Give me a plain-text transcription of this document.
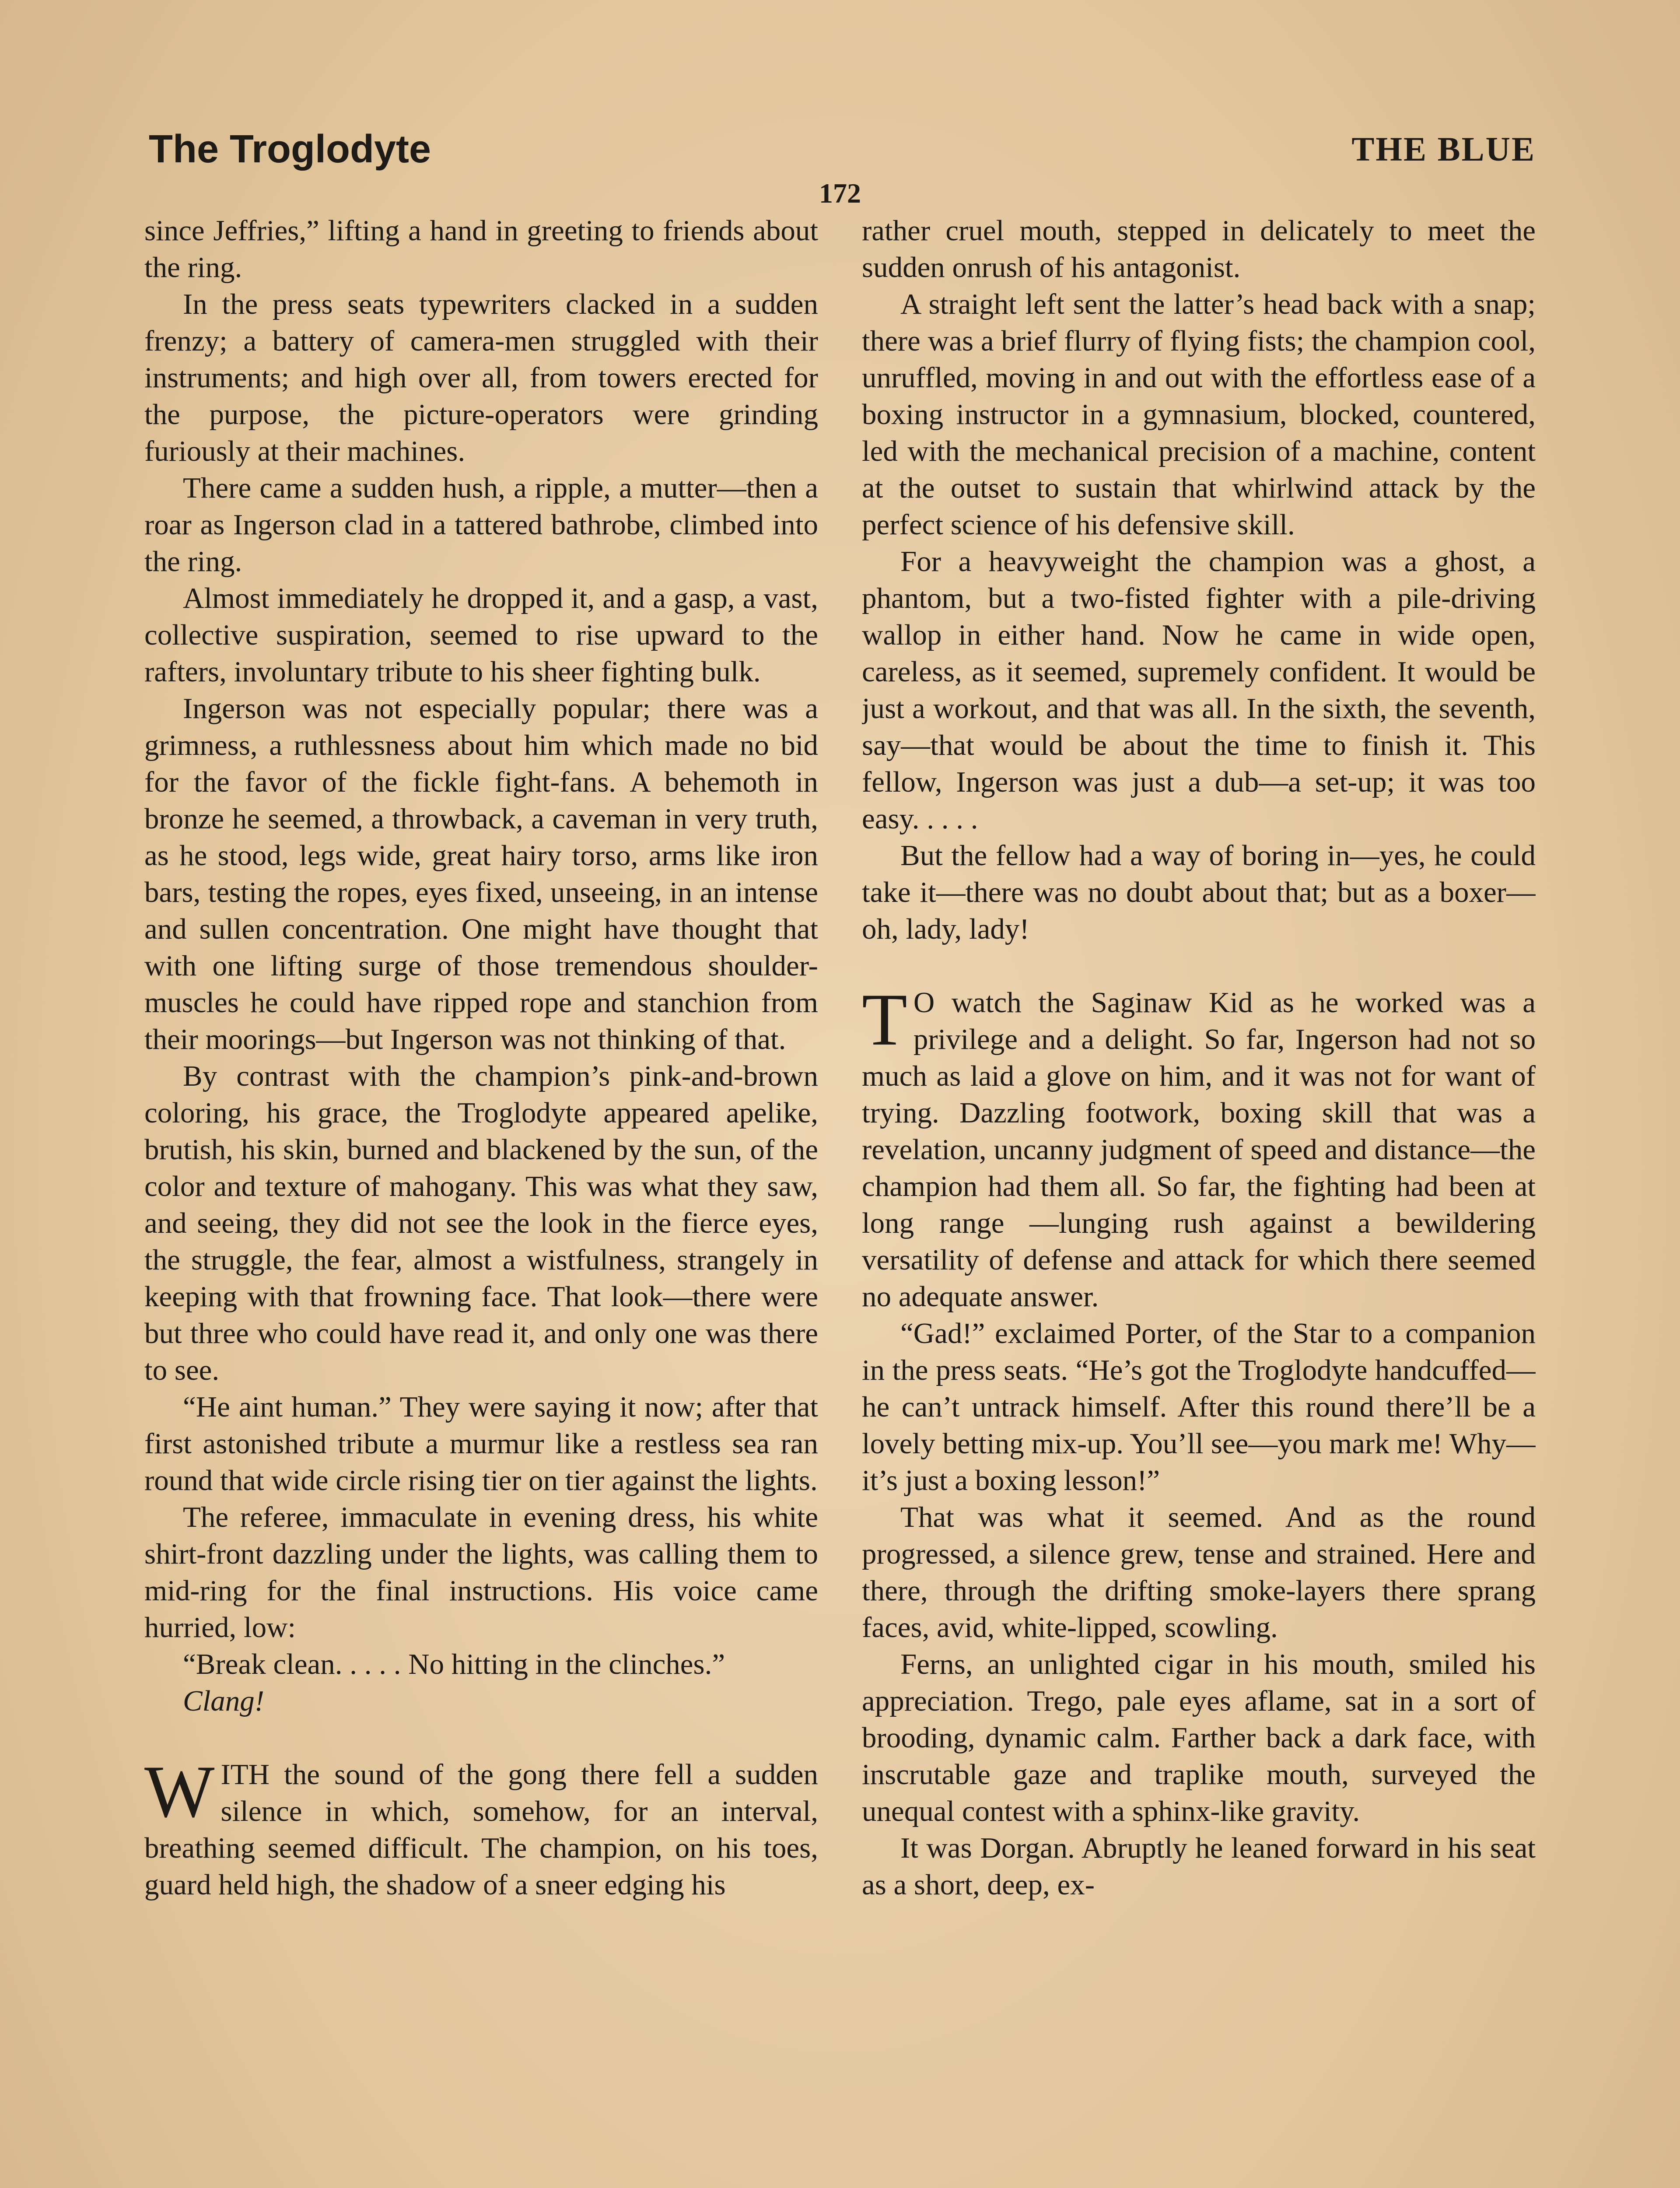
The Troglodyte	THE BLUE
172

since Jeffries,” lifting a hand in greeting to friends about the ring.

In the press seats typewriters clacked in a sudden frenzy; a battery of camera-men struggled with their instruments; and high over all, from towers erected for the purpose, the picture-operators were grinding furiously at their machines.

There came a sudden hush, a ripple, a mutter—then a roar as Ingerson clad in a tattered bathrobe, climbed into the ring.

Almost immediately he dropped it, and a gasp, a vast, collective suspiration, seemed to rise upward to the rafters, involuntary tribute to his sheer fighting bulk.

Ingerson was not especially popular; there was a grimness, a ruthlessness about him which made no bid for the favor of the fickle fight-fans. A behemoth in bronze he seemed, a throwback, a caveman in very truth, as he stood, legs wide, great hairy torso, arms like iron bars, testing the ropes, eyes fixed, unseeing, in an intense and sullen concentration. One might have thought that with one lifting surge of those tremendous shoulder-muscles he could have ripped rope and stanchion from their moorings—but Ingerson was not thinking of that.

By contrast with the champion’s pink-and-brown coloring, his grace, the Troglodyte appeared apelike, brutish, his skin, burned and blackened by the sun, of the color and texture of mahogany. This was what they saw, and seeing, they did not see the look in the fierce eyes, the struggle, the fear, almost a wistfulness, strangely in keeping with that frowning face. That look—there were but three who could have read it, and only one was there to see.

“He aint human.” They were saying it now; after that first astonished tribute a murmur like a restless sea ran round that wide circle rising tier on tier against the lights.

The referee, immaculate in evening dress, his white shirt-front dazzling under the lights, was calling them to mid-ring for the final instructions. His voice came hurried, low:

“Break clean. . . . . No hitting in the clinches.”

Clang!

WITH the sound of the gong there fell a sudden silence in which, somehow, for an interval, breathing seemed difficult. The champion, on his toes, guard held high, the shadow of a sneer edging his

rather cruel mouth, stepped in delicately to meet the sudden onrush of his antagonist.

A straight left sent the latter’s head back with a snap; there was a brief flurry of flying fists; the champion cool, unruffled, moving in and out with the effortless ease of a boxing instructor in a gymnasium, blocked, countered, led with the mechanical precision of a machine, content at the outset to sustain that whirlwind attack by the perfect science of his defensive skill.

For a heavyweight the champion was a ghost, a phantom, but a two-fisted fighter with a pile-driving wallop in either hand. Now he came in wide open, careless, as it seemed, supremely confident. It would be just a workout, and that was all. In the sixth, the seventh, say—that would be about the time to finish it. This fellow, Ingerson was just a dub—a set-up; it was too easy. . . . .

But the fellow had a way of boring in—yes, he could take it—there was no doubt about that; but as a boxer—oh, lady, lady!

T O watch the Saginaw Kid as he worked was a privilege and a delight. So far, Ingerson had not so much as laid a glove on him, and it was not for want of trying. Dazzling footwork, boxing skill that was a revelation, uncanny judgment of speed and distance—the champion had them all. So far, the fighting had been at long range —lunging rush against a bewildering versatility of defense and attack for which there seemed no adequate answer.

“Gad!” exclaimed Porter, of the Star to a companion in the press seats. “He’s got the Troglodyte handcuffed—he can’t untrack himself. After this round there’ll be a lovely betting mix-up. You’ll see—you mark me! Why—it’s just a boxing lesson!”

That was what it seemed. And as the round progressed, a silence grew, tense and strained. Here and there, through the drifting smoke-layers there sprang faces, avid, white-lipped, scowling.

Ferns, an unlighted cigar in his mouth, smiled his appreciation. Trego, pale eyes aflame, sat in a sort of brooding, dynamic calm. Farther back a dark face, with inscrutable gaze and traplike mouth, surveyed the unequal contest with a sphinx-like gravity.

It was Dorgan. Abruptly he leaned forward in his seat as a short, deep, ex-
